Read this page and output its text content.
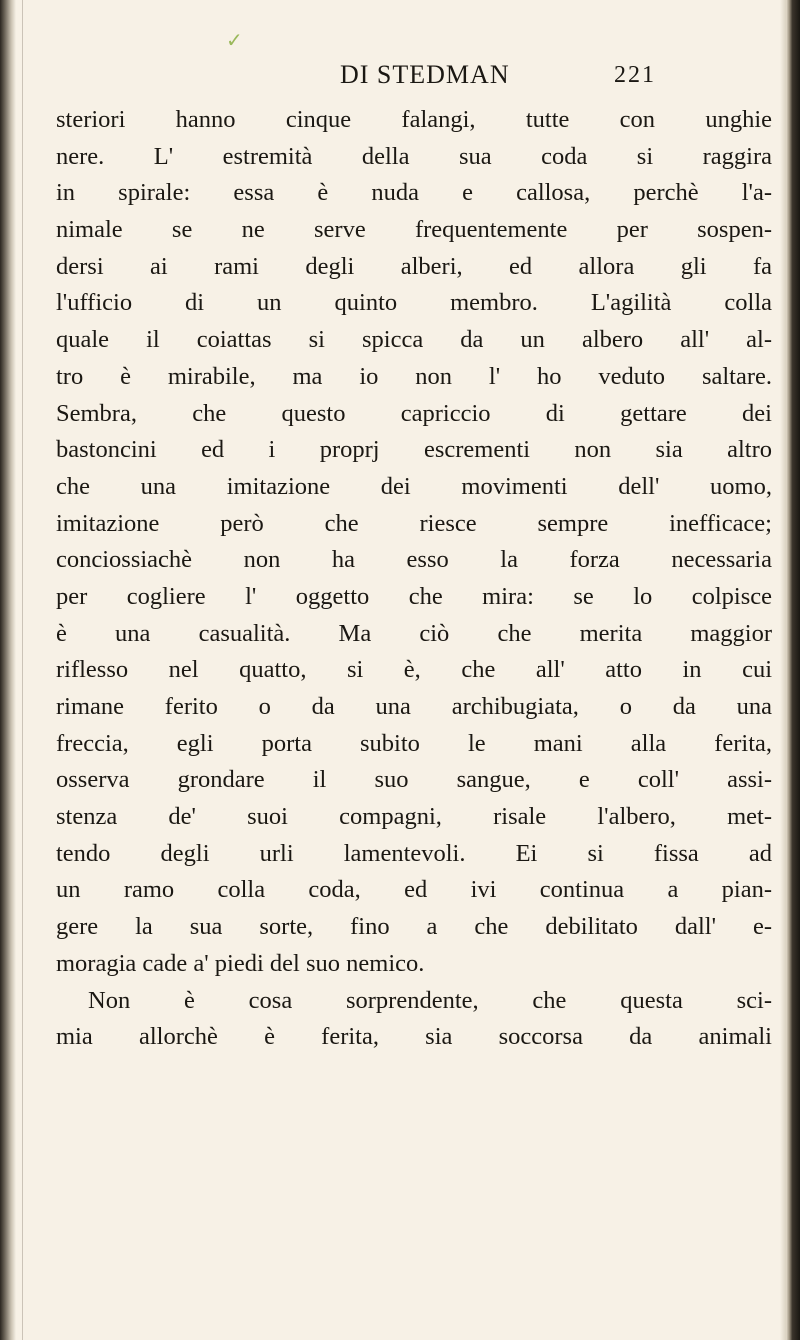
✓
DI STEDMAN	221
steriori hanno cinque falangi, tutte con unghie
nere. L' estremità della sua coda si raggira
in spirale: essa è nuda e callosa, perchè l'a-
nimale se ne serve frequentemente per sospen-
dersi ai rami degli alberi, ed allora gli fa
l'ufficio di un quinto membro. L'agilità colla
quale il coiattas si spicca da un albero all' al-
tro è mirabile, ma io non l' ho veduto saltare.
Sembra, che questo capriccio di gettare dei
bastoncini ed i proprj escrementi non sia altro
che una imitazione dei movimenti dell' uomo,
imitazione però che riesce sempre inefficace;
conciossiachè non ha esso la forza necessaria
per cogliere l' oggetto che mira: se lo colpisce
è una casualità. Ma ciò che merita maggior
riflesso nel quatto, si è, che all' atto in cui
rimane ferito o da una archibugiata, o da una
freccia, egli porta subito le mani alla ferita,
osserva grondare il suo sangue, e coll' assi-
stenza de' suoi compagni, risale l'albero, met-
tendo degli urli lamentevoli. Ei si fissa ad
un ramo colla coda, ed ivi continua a pian-
gere la sua sorte, fino a che debilitato dall' e-
moragia cade a' piedi del suo nemico.
Non è cosa sorprendente, che questa sci-
mia allorchè è ferita, sia soccorsa da animali
